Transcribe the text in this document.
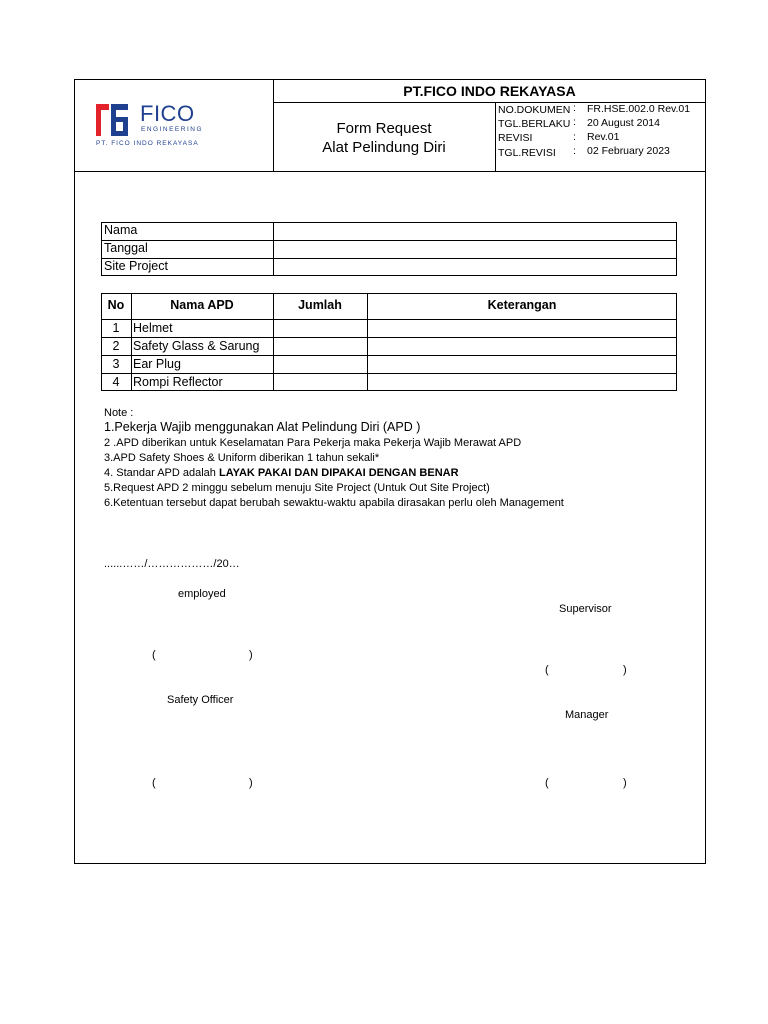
FICO
ENGINEERING
PT. FICO INDO REKAYASA
PT.FICO INDO REKAYASA
Form Request
Alat Pelindung Diri
NO.DOKUMEN : FR.HSE.002.0 Rev.01
TGL.BERLAKU : 20 August 2014
REVISI	: Rev.01
TGL.REVISI : 02 February 2023
Nama
Tanggal
Site Project
No	Nama APD	Jumlah	Keterangan
1	Helmet
2	Safety Glass & Sarung
3	Ear Plug
4	Rompi Reflector
Note :
1.Pekerja Wajib menggunakan Alat Pelindung Diri (APD )
2 .APD diberikan untuk Keselamatan Para Pekerja maka Pekerja Wajib Merawat APD
3.APD Safety Shoes & Uniform diberikan 1 tahun sekali*
4. Standar APD adalah LAYAK PAKAI DAN DIPAKAI DENGAN BENAR
5.Request APD 2 minggu sebelum menuju Site Project (Untuk Out Site Project)
6.Ketentuan tersebut dapat berubah sewaktu-waktu apabila dirasakan perlu oleh Management
......……/………………/20…
employed
Supervisor
(	)
(	)
Safety Officer
Manager
(	)	(	)
